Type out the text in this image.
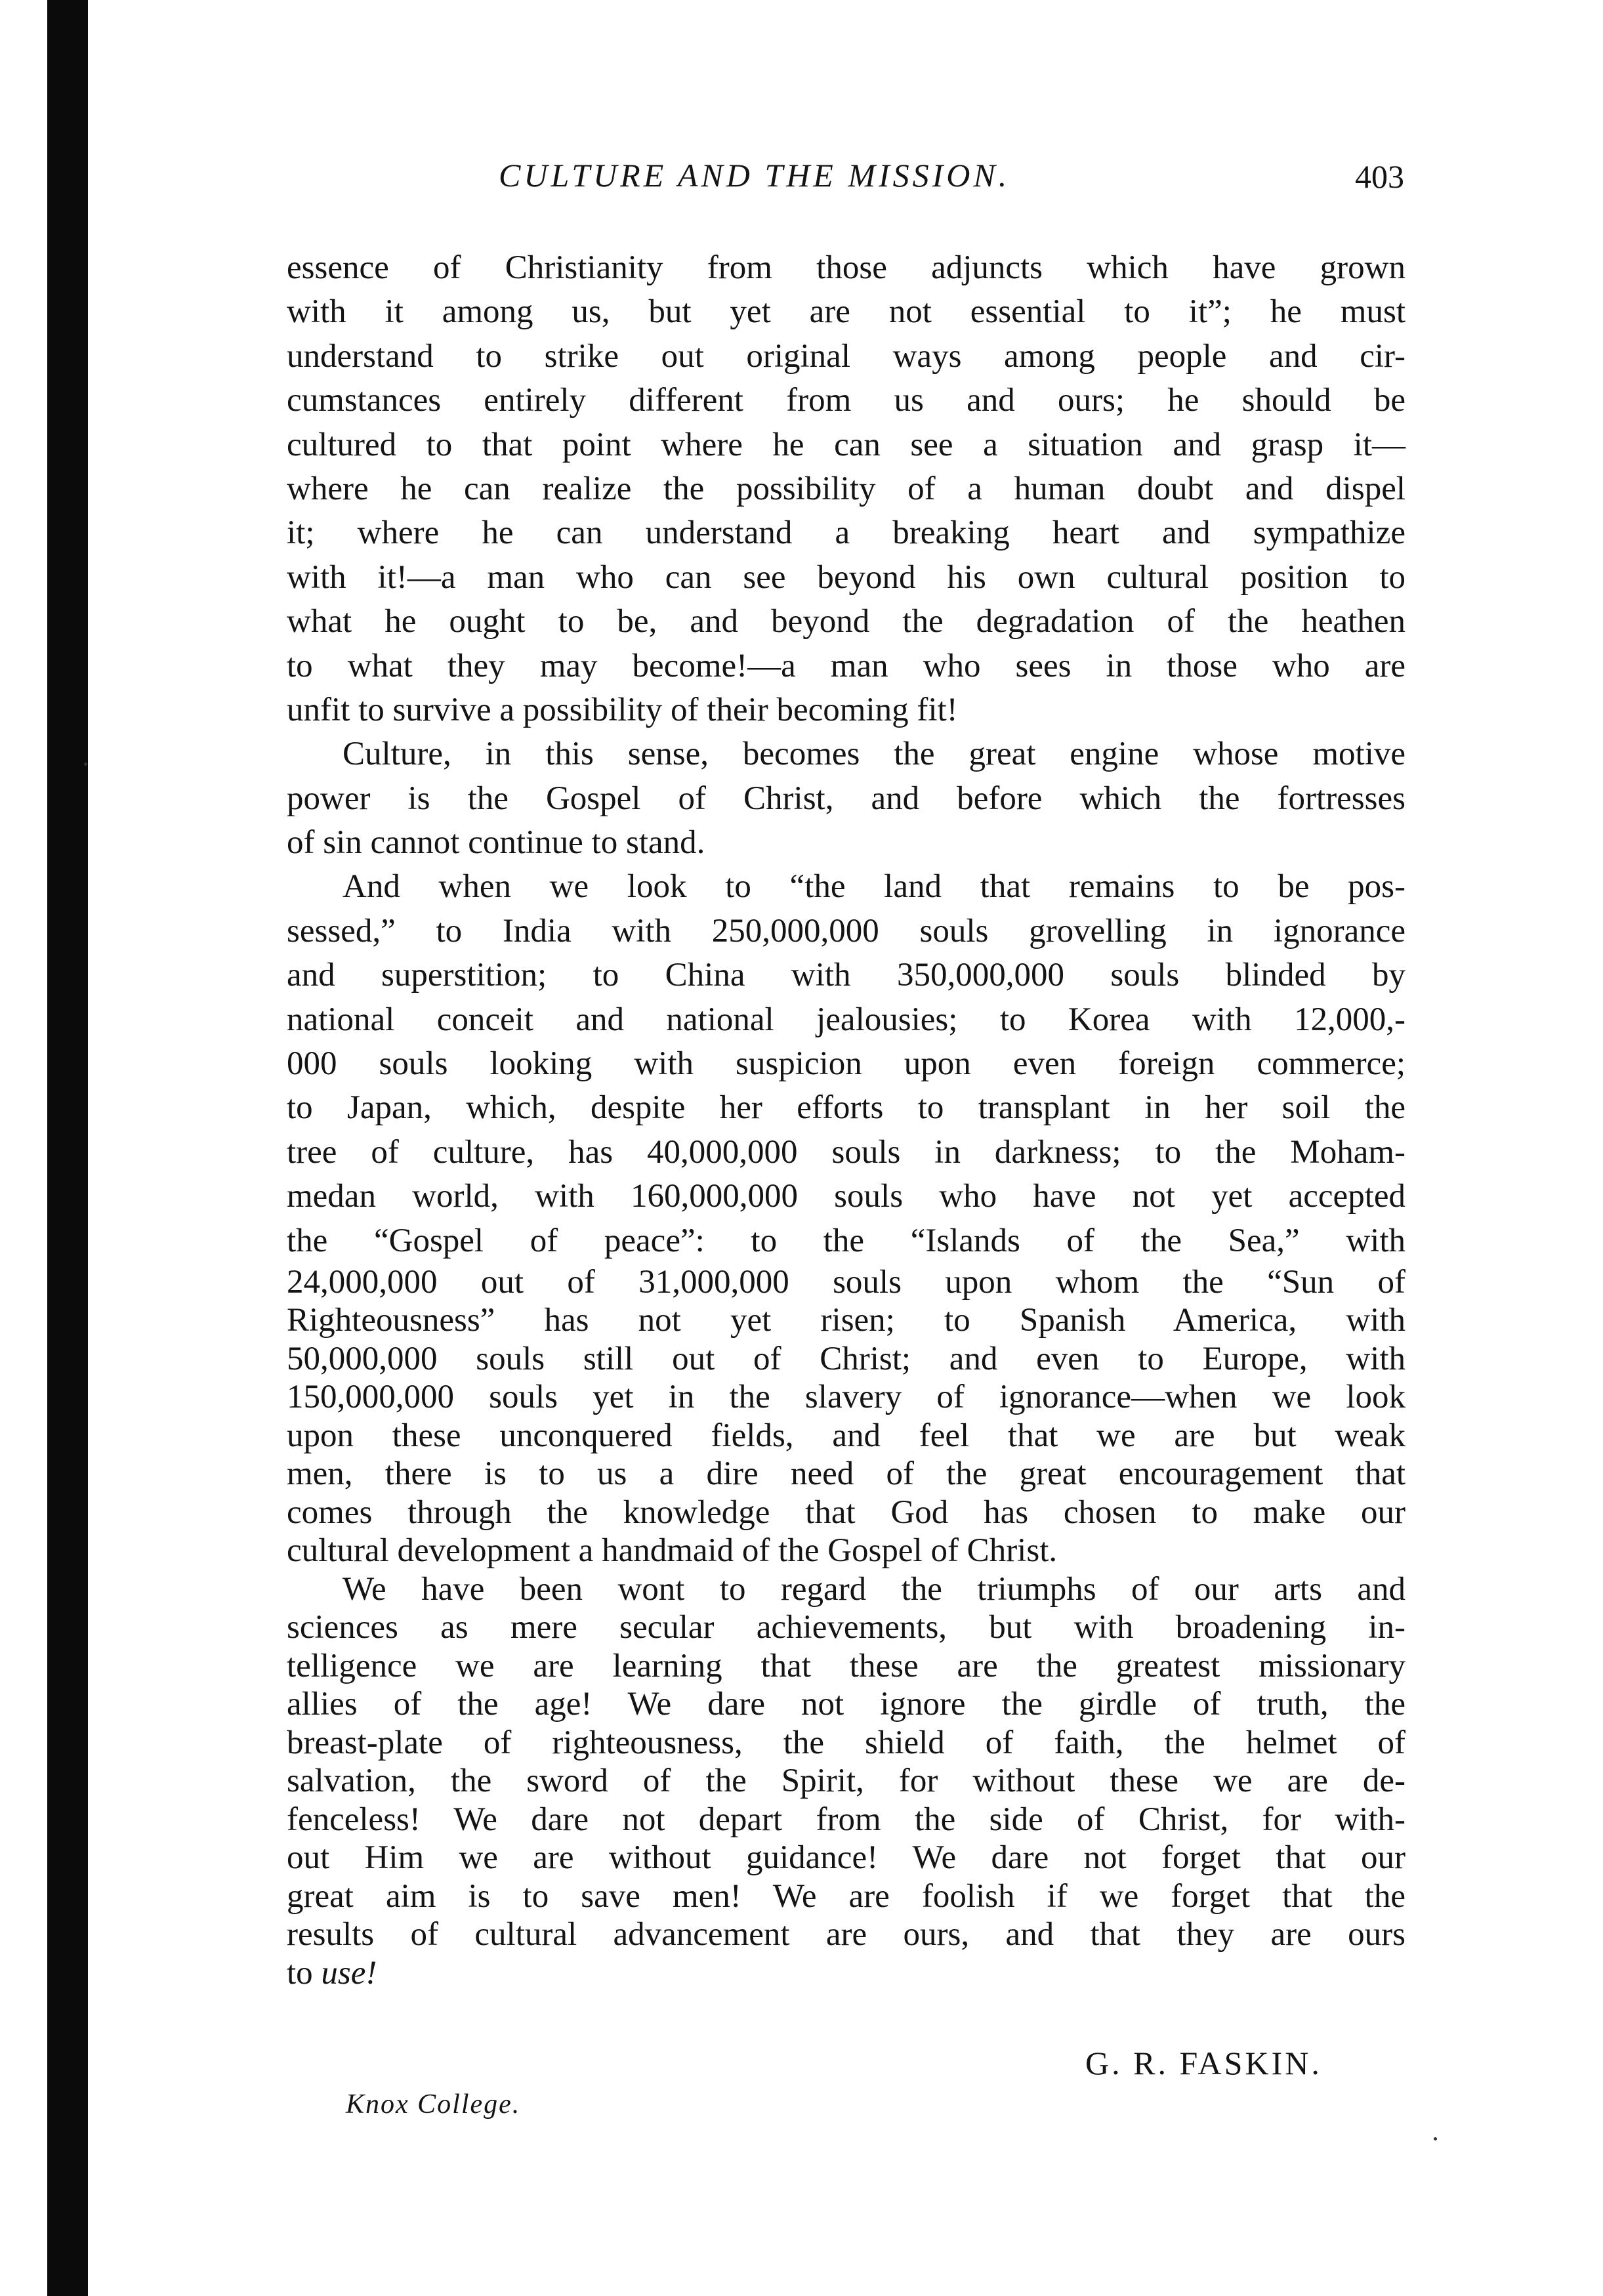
CULTURE AND THE MISSION.	403
essence of Christianity from those adjuncts which have grown
with it among us, but yet are not essential to it”; he must
understand to strike out original ways among people and cir-
cumstances entirely different from us and ours; he should be
cultured to that point where he can see a situation and grasp it—
where he can realize the possibility of a human doubt and dispel
it; where he can understand a breaking heart and sympathize
with it!—a man who can see beyond his own cultural position to
what he ought to be, and beyond the degradation of the heathen
to what they may become!—a man who sees in those who are
unfit to survive a possibility of their becoming fit!
Culture, in this sense, becomes the great engine whose motive
power is the Gospel of Christ, and before which the fortresses
of sin cannot continue to stand.
And when we look to “the land that remains to be pos-
sessed,” to India with 250,000,000 souls grovelling in ignorance
and superstition; to China with 350,000,000 souls blinded by
national conceit and national jealousies; to Korea with 12,000,-
000 souls looking with suspicion upon even foreign commerce;
to Japan, which, despite her efforts to transplant in her soil the
tree of culture, has 40,000,000 souls in darkness; to the Moham-
medan world, with 160,000,000 souls who have not yet accepted
the “Gospel of peace”: to the “Islands of the Sea,” with
24,000,000 out of 31,000,000 souls upon whom the “Sun of
Righteousness” has not yet risen; to Spanish America, with
50,000,000 souls still out of Christ; and even to Europe, with
150,000,000 souls yet in the slavery of ignorance—when we look
upon these unconquered fields, and feel that we are but weak
men, there is to us a dire need of the great encouragement that
comes through the knowledge that God has chosen to make our
cultural development a handmaid of the Gospel of Christ.
We have been wont to regard the triumphs of our arts and
sciences as mere secular achievements, but with broadening in-
telligence we are learning that these are the greatest missionary
allies of the age! We dare not ignore the girdle of truth, the
breast-plate of righteousness, the shield of faith, the helmet of
salvation, the sword of the Spirit, for without these we are de-
fenceless! We dare not depart from the side of Christ, for with-
out Him we are without guidance! We dare not forget that our
great aim is to save men! We are foolish if we forget that the
results of cultural advancement are ours, and that they are ours
to use!
G. R. FASKIN.
Knox College.
